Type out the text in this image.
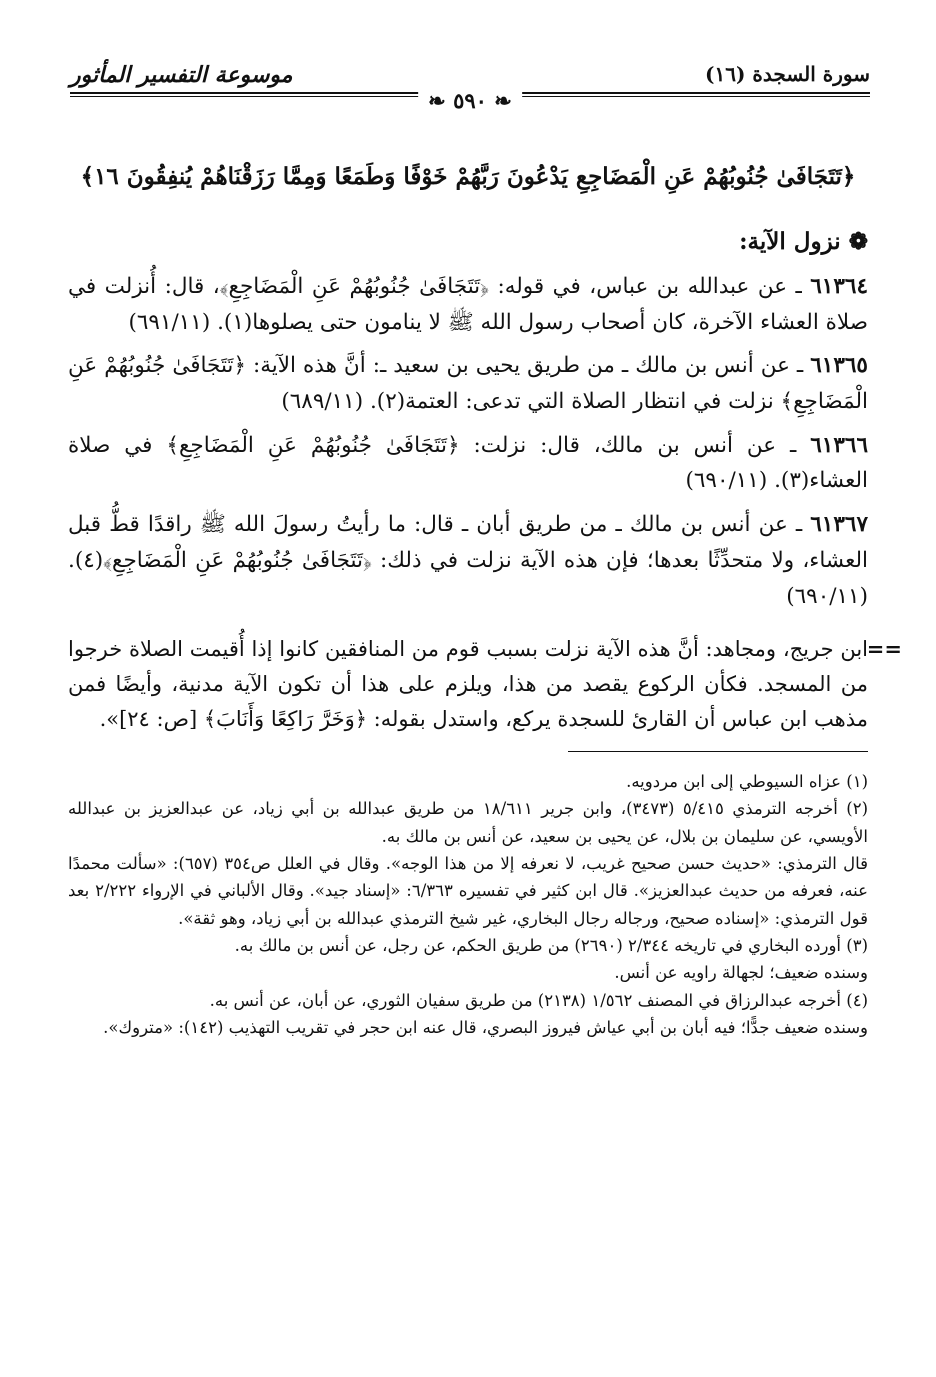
موسوعة التفسير المأثور	سورة السجدة (١٦)
❧ ٥٩٠ ❧
﴿تَتَجَافَىٰ جُنُوبُهُمْ عَنِ الْمَضَاجِعِ يَدْعُونَ رَبَّهُمْ خَوْفًا وَطَمَعًا وَمِمَّا رَزَقْنَاهُمْ يُنفِقُونَ ١٦﴾
❁ نزول الآية:
٦١٣٦٤ ـ عن عبدالله بن عباس، في قوله: ﴿تَتَجَافَىٰ جُنُوبُهُمْ عَنِ الْمَضَاجِعِ﴾، قال: أُنزلت في صلاة العشاء الآخرة، كان أصحاب رسول الله ﷺ لا ينامون حتى يصلوها(١). (٦٩١/١١)
٦١٣٦٥ ـ عن أنس بن مالك ـ من طريق يحيى بن سعيد ـ: أنَّ هذه الآية: ﴿تَتَجَافَىٰ جُنُوبُهُمْ عَنِ الْمَضَاجِعِ﴾ نزلت في انتظار الصلاة التي تدعى: العتمة(٢). (٦٨٩/١١)
٦١٣٦٦ ـ عن أنس بن مالك، قال: نزلت: ﴿تَتَجَافَىٰ جُنُوبُهُمْ عَنِ الْمَضَاجِعِ﴾ في صلاة العشاء(٣). (٦٩٠/١١)
٦١٣٦٧ ـ عن أنس بن مالك ـ من طريق أبان ـ قال: ما رأيتُ رسولَ الله ﷺ راقدًا قطُّ قبل العشاء، ولا متحدِّثًا بعدها؛ فإن هذه الآية نزلت في ذلك: ﴿تَتَجَافَىٰ جُنُوبُهُمْ عَنِ الْمَضَاجِعِ﴾(٤). (٦٩٠/١١)
==
ابن جريج، ومجاهد: أنَّ هذه الآية نزلت بسبب قوم من المنافقين كانوا إذا أُقيمت الصلاة خرجوا من المسجد. فكأن الركوع يقصد من هذا، ويلزم على هذا أن تكون الآية مدنية، وأيضًا فمن مذهب ابن عباس أن القارئ للسجدة يركع، واستدل بقوله: ﴿وَخَرَّ رَاكِعًا وَأَنَابَ﴾ [ص: ٢٤]».

(١) عزاه السيوطي إلى ابن مردويه.

(٢) أخرجه الترمذي ٥/٤١٥ (٣٤٧٣)، وابن جرير ١٨/٦١١ من طريق عبدالله بن أبي زياد، عن عبدالعزيز بن عبدالله الأويسي، عن سليمان بن بلال، عن يحيى بن سعيد، عن أنس بن مالك به.

قال الترمذي: «حديث حسن صحيح غريب، لا نعرفه إلا من هذا الوجه». وقال في العلل ص٣٥٤ (٦٥٧): «سألت محمدًا عنه، فعرفه من حديث عبدالعزيز». قال ابن كثير في تفسيره ٦/٣٦٣: «إسناد جيد». وقال الألباني في الإرواء ٢/٢٢٢ بعد قول الترمذي: «إسناده صحيح، ورجاله رجال البخاري، غير شيخ الترمذي عبدالله بن أبي زياد، وهو ثقة».

(٣) أورده البخاري في تاريخه ٢/٣٤٤ (٢٦٩٠) من طريق الحكم، عن رجل، عن أنس بن مالك به.

وسنده ضعيف؛ لجهالة راويه عن أنس.

(٤) أخرجه عبدالرزاق في المصنف ١/٥٦٢ (٢١٣٨) من طريق سفيان الثوري، عن أبان، عن أنس به.

وسنده ضعيف جدًّا؛ فيه أبان بن أبي عياش فيروز البصري، قال عنه ابن حجر في تقريب التهذيب (١٤٢): «متروك».
